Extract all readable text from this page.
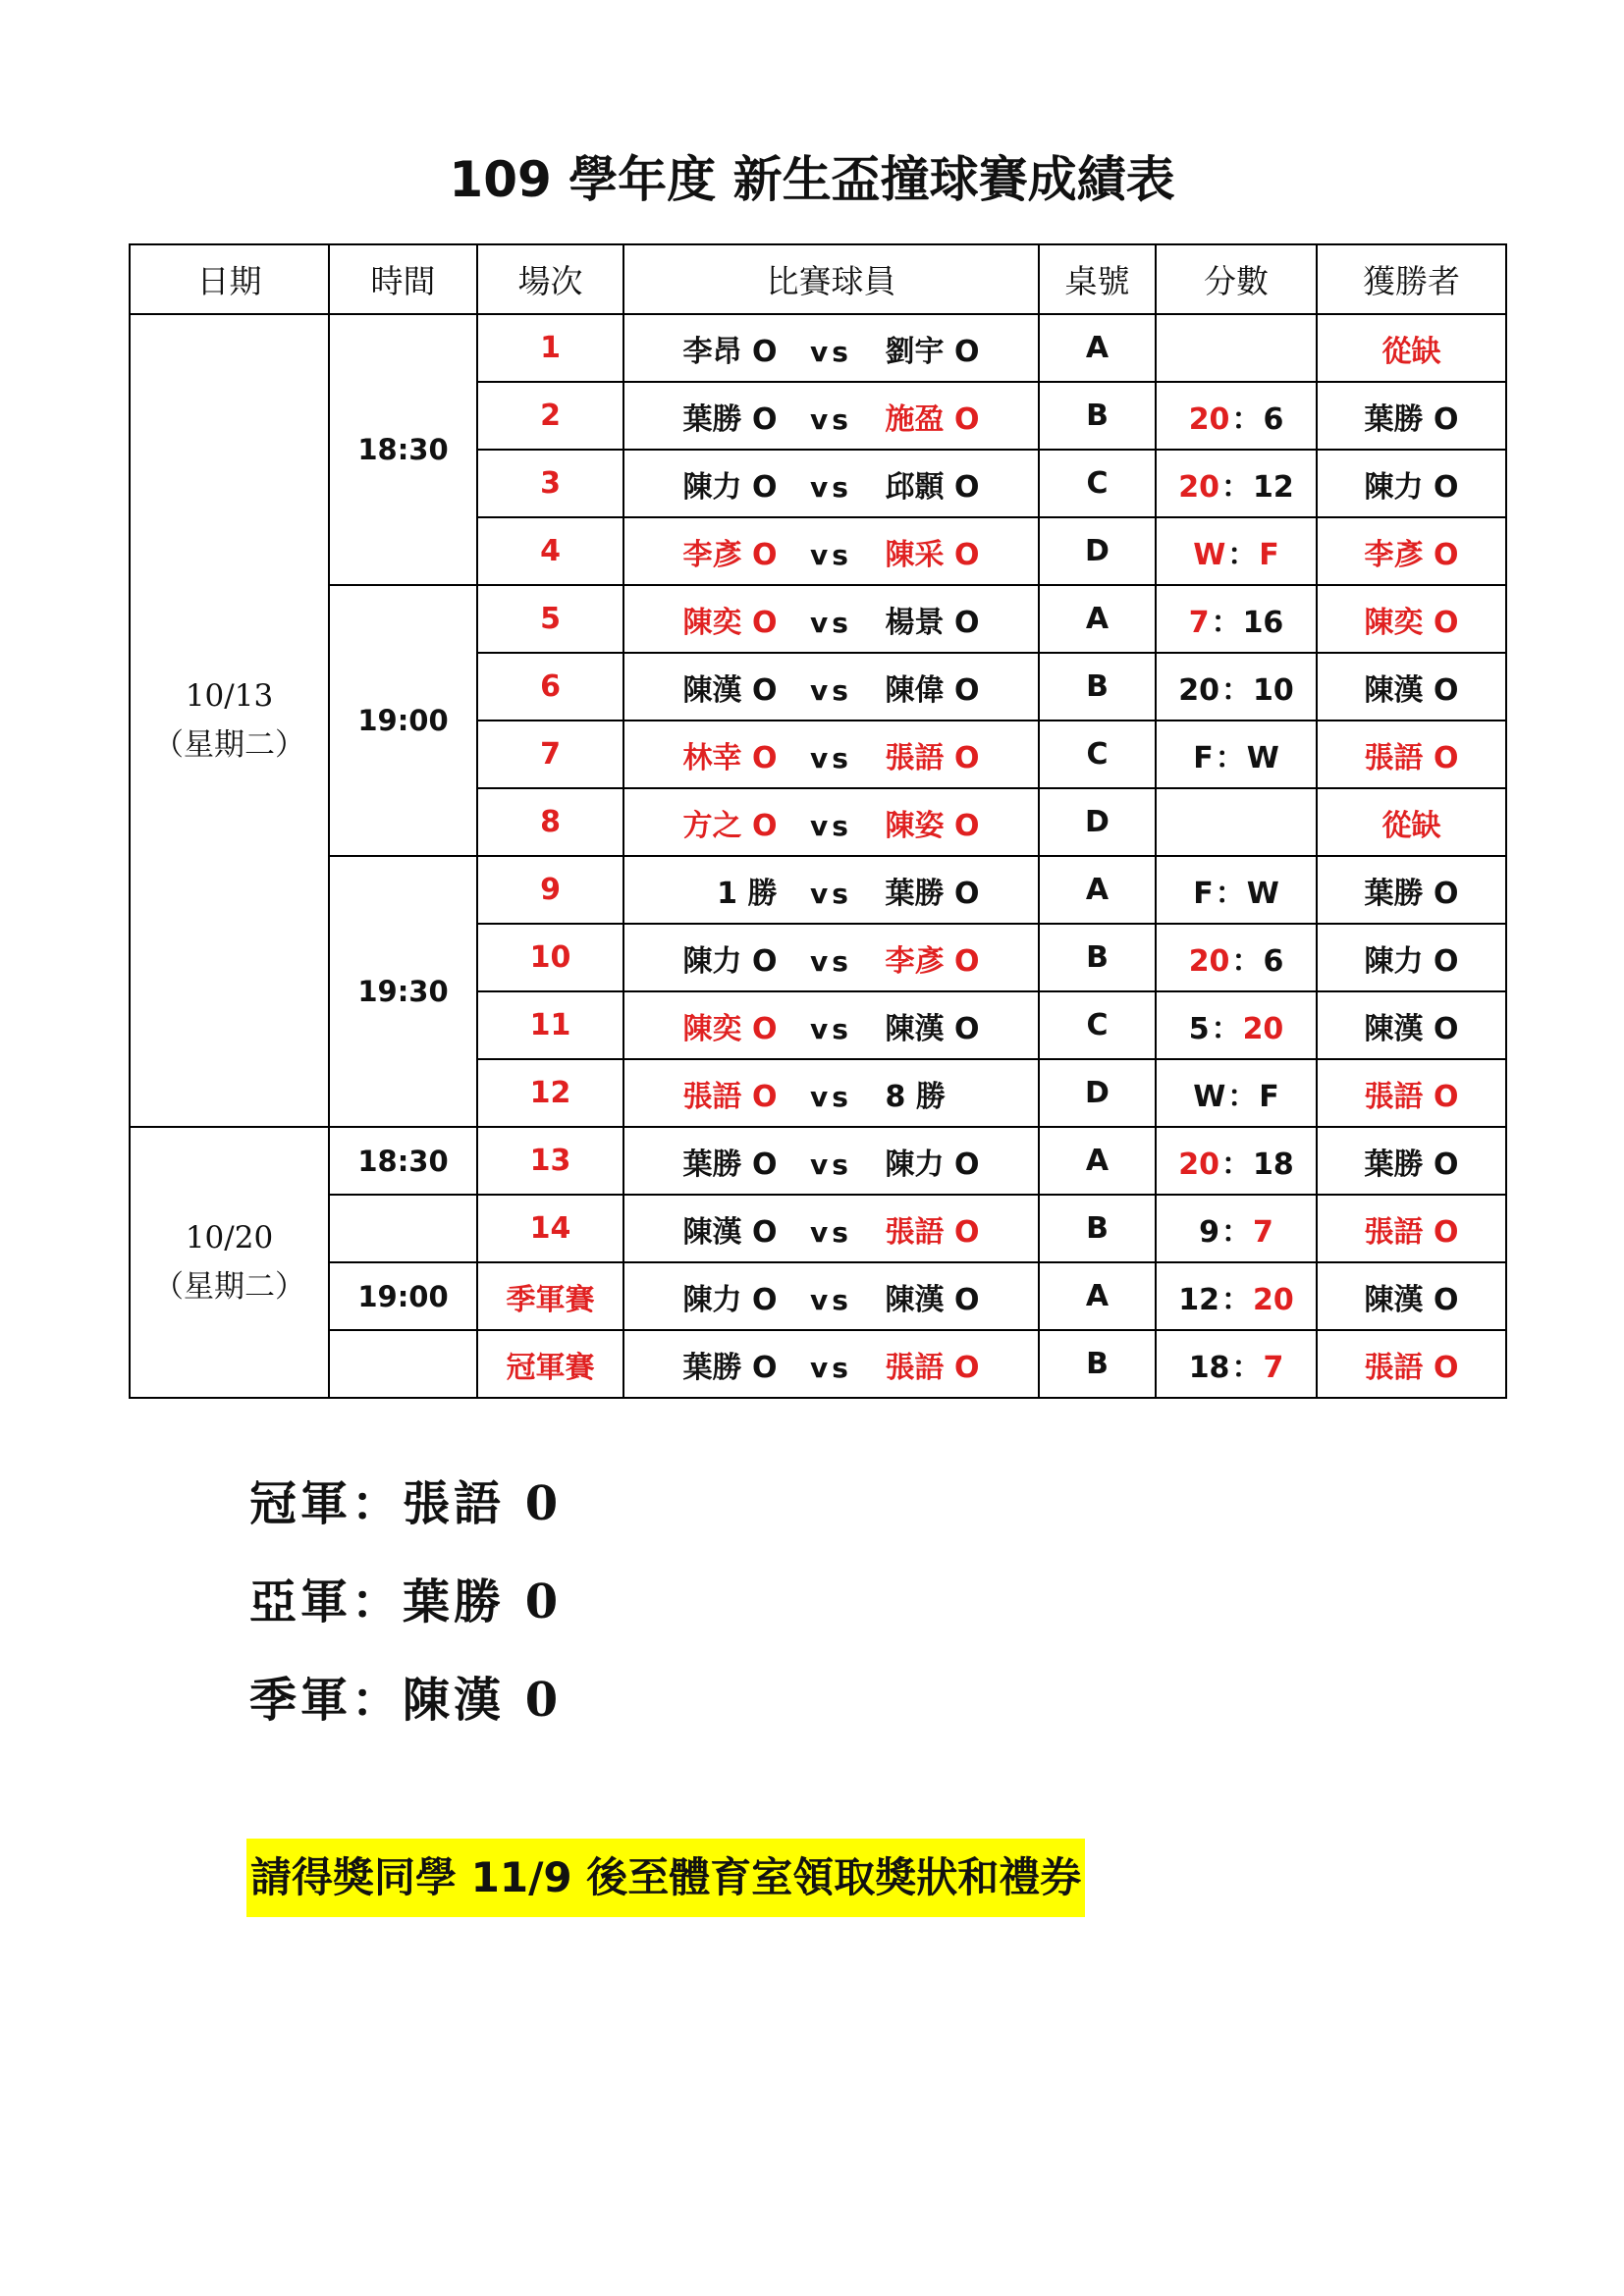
109 學年度 新生盃撞球賽成績表
日期	時間	場次	比賽球員	桌號	分數	獲勝者

10/13
（星期二）	18:30	1	李昂 O vs 劉宇 O	A		從缺
		2	葉勝 O vs 施盈 O	B	20：6	葉勝 O
		3	陳力 O vs 邱顥 O	C	20：12	陳力 O
		4	李彥 O vs 陳采 O	D	W：F	李彥 O
	19:00	5	陳奕 O vs 楊景 O	A	7：16	陳奕 O
		6	陳漢 O vs 陳偉 O	B	20：10	陳漢 O
		7	林幸 O vs 張語 O	C	F：W	張語 O
		8	方之 O vs 陳姿 O	D		從缺
	19:30	9	1 勝 vs 葉勝 O	A	F：W	葉勝 O
		10	陳力 O vs 李彥 O	B	20：6	陳力 O
		11	陳奕 O vs 陳漢 O	C	5：20	陳漢 O
		12	張語 O vs 8 勝	D	W：F	張語 O

10/20
（星期二）	18:30	13	葉勝 O vs 陳力 O	A	20：18	葉勝 O
		14	陳漢 O vs 張語 O	B	9：7	張語 O
	19:00	季軍賽	陳力 O vs 陳漢 O	A	12：20	陳漢 O
		冠軍賽	葉勝 O vs 張語 O	B	18：7	張語 O
冠軍：張語 0
亞軍：葉勝 0
季軍：陳漢 0
請得獎同學 11/9 後至體育室領取獎狀和禮券
